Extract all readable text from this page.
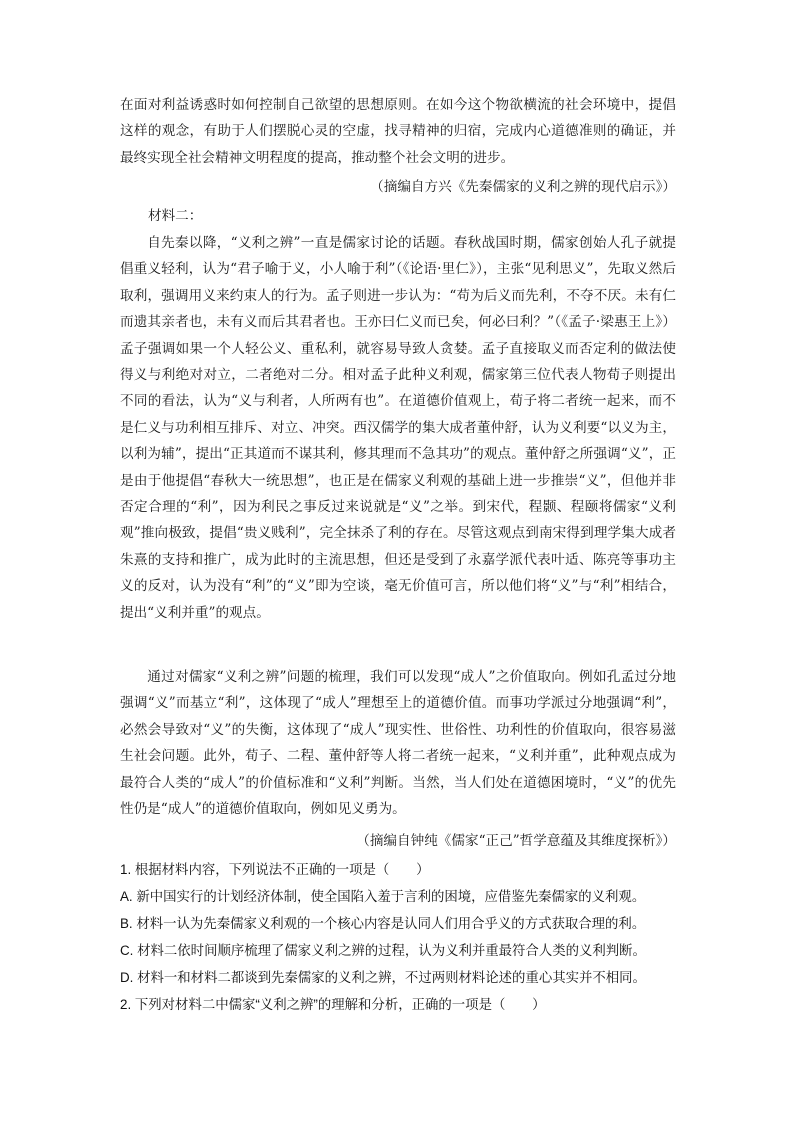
在面对利益诱惑时如何控制自己欲望的思想原则。在如今这个物欲横流的社会环境中，提倡这样的观念，有助于人们摆脱心灵的空虚，找寻精神的归宿，完成内心道德准则的确证，并最终实现全社会精神文明程度的提高，推动整个社会文明的进步。

（摘编自方兴《先秦儒家的义利之辨的现代启示》）

材料二：

自先秦以降，“义利之辨”一直是儒家讨论的话题。春秋战国时期，儒家创始人孔子就提倡重义轻利，认为“君子喻于义，小人喻于利”（《论语·里仁》），主张“见利思义”，先取义然后取利，强调用义来约束人的行为。孟子则进一步认为：“苟为后义而先利，不夺不厌。未有仁而遗其亲者也，未有义而后其君者也。王亦曰仁义而已矣，何必曰利？”（《孟子·梁惠王上》）孟子强调如果一个人轻公义、重私利，就容易导致人贪婪。孟子直接取义而否定利的做法使得义与利绝对对立，二者绝对二分。相对孟子此种义利观，儒家第三位代表人物荀子则提出不同的看法，认为“义与利者，人所两有也”。在道德价值观上，荀子将二者统一起来，而不是仁义与功利相互排斥、对立、冲突。西汉儒学的集大成者董仲舒，认为义利要“以义为主，以利为辅”，提出“正其道而不谋其利，修其理而不急其功”的观点。董仲舒之所强调“义”，正是由于他提倡“春秋大一统思想”，也正是在儒家义利观的基础上进一步推崇“义”，但他并非否定合理的“利”，因为利民之事反过来说就是“义”之举。到宋代，程颢、程颐将儒家“义利观”推向极致，提倡“贵义贱利”，完全抹杀了利的存在。尽管这观点到南宋得到理学集大成者朱熹的支持和推广，成为此时的主流思想，但还是受到了永嘉学派代表叶适、陈亮等事功主义的反对，认为没有“利”的“义”即为空谈，毫无价值可言，所以他们将“义”与“利”相结合，提出“义利并重”的观点。

通过对儒家“义利之辨”问题的梳理，我们可以发现“成人”之价值取向。例如孔孟过分地强调“义”而基立“利”，这体现了“成人”理想至上的道德价值。而事功学派过分地强调“利”，必然会导致对“义”的失衡，这体现了“成人”现实性、世俗性、功利性的价值取向，很容易滋生社会问题。此外，荀子、二程、董仲舒等人将二者统一起来，“义利并重”，此种观点成为最符合人类的“成人”的价值标准和“义利”判断。当然，当人们处在道德困境时，“义”的优先性仍是“成人”的道德价值取向，例如见义勇为。

（摘编自钟纯《儒家“正己”哲学意蕴及其维度探析》）

1. 根据材料内容，下列说法不正确的一项是（　　）

A. 新中国实行的计划经济体制，使全国陷入羞于言利的困境，应借鉴先秦儒家的义利观。

B. 材料一认为先秦儒家义利观的一个核心内容是认同人们用合乎义的方式获取合理的利。

C. 材料二依时间顺序梳理了儒家义利之辨的过程，认为义利并重最符合人类的义利判断。

D. 材料一和材料二都谈到先秦儒家的义利之辨，不过两则材料论述的重心其实并不相同。

2. 下列对材料二中儒家“义利之辨”的理解和分析，正确的一项是（　　）
